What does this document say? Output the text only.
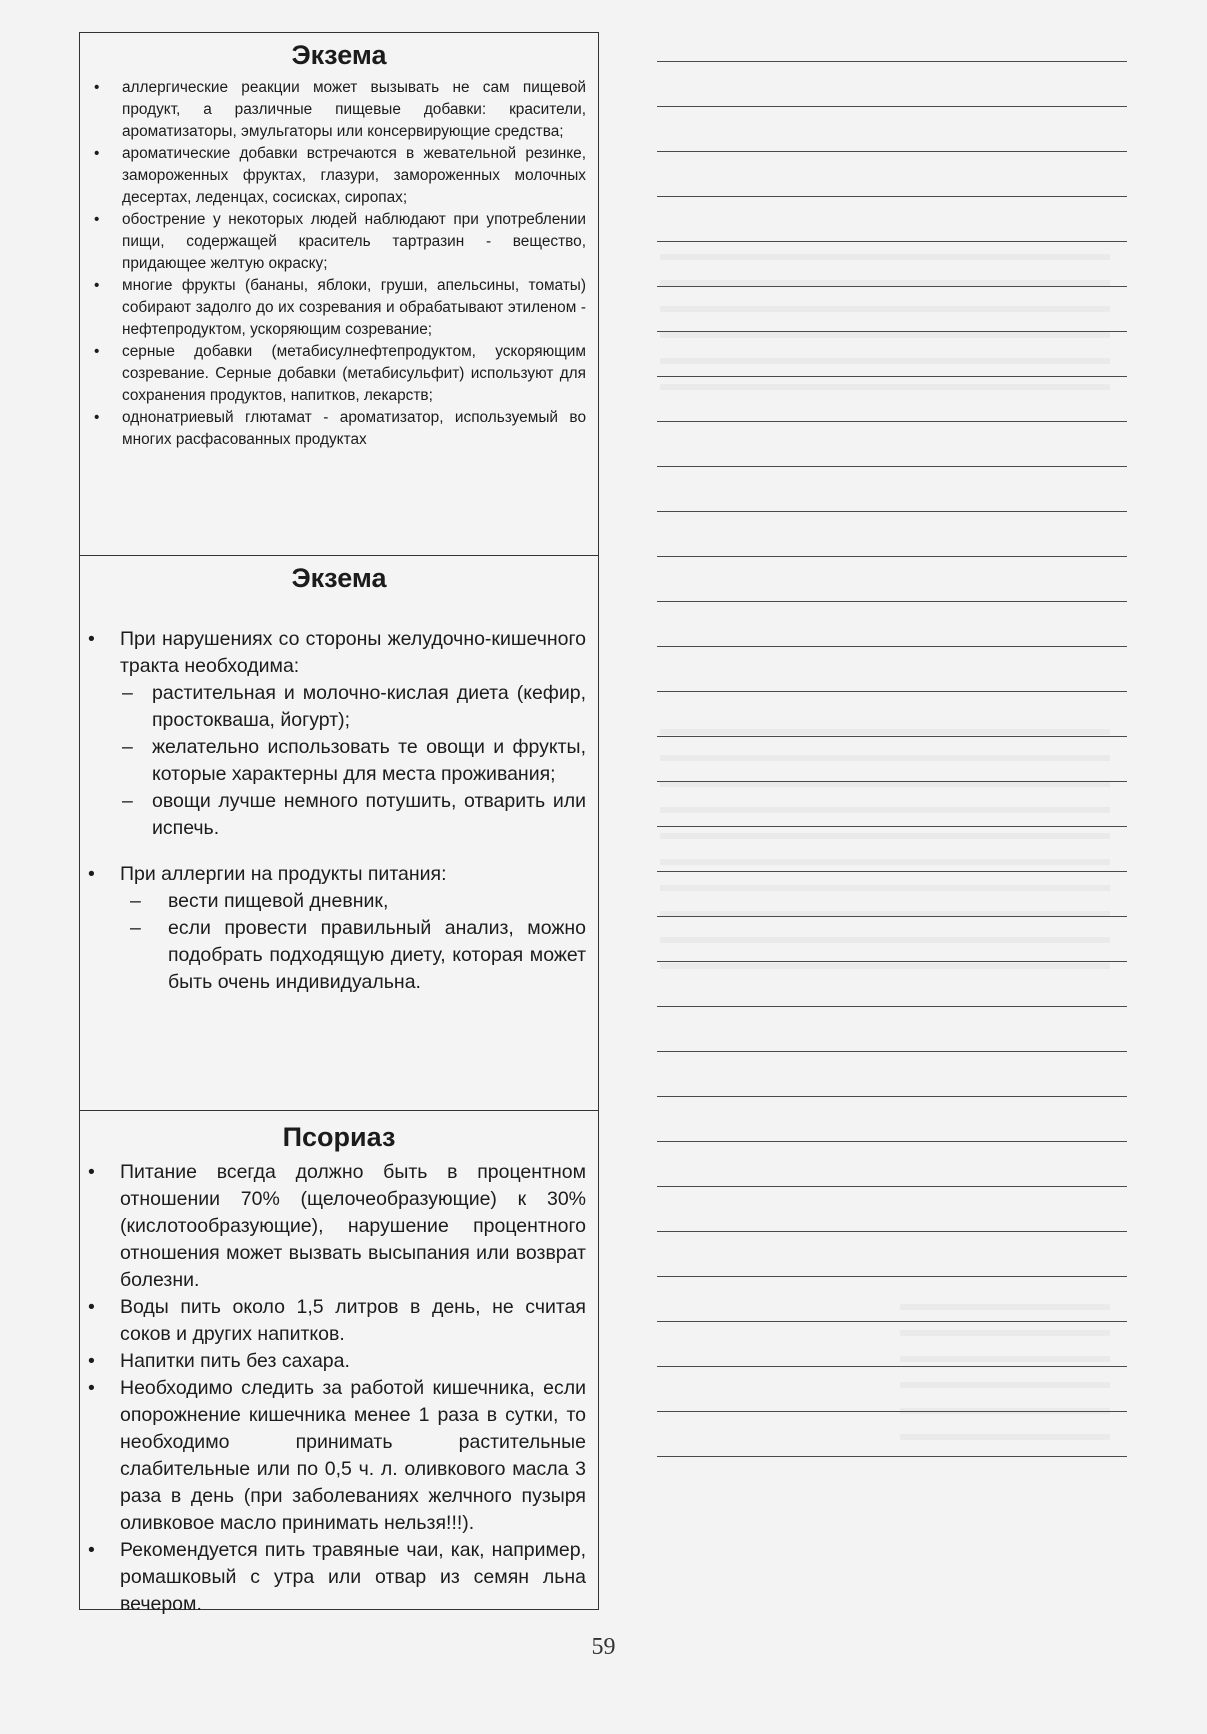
Экзема
• аллергические реакции может вызывать не сам пищевой продукт, а различные пищевые добавки: красители, ароматизаторы, эмульгаторы или консервирующие средства;
• ароматические добавки встречаются в жевательной резинке, замороженных фруктах, глазури, замороженных молочных десертах, леденцах, сосисках, сиропах;
• обострение у некоторых людей наблюдают при употреблении пищи, содержащей краситель тартразин - вещество, придающее желтую окраску;
• многие фрукты (бананы, яблоки, груши, апельсины, томаты) собирают задолго до их созревания и обрабатывают этиленом - нефтепродуктом, ускоряющим созревание;
• серные добавки (метабисулнефтепродуктом, ускоряющим созревание. Серные добавки (метабисульфит) используют для сохранения продуктов, напитков, лекарств;
• однонатриевый глютамат - ароматизатор, используемый во многих расфасованных продуктах
Экзема
• При нарушениях со стороны желудочно-кишечного тракта необходима:
– растительная и молочно-кислая диета (кефир, простокваша, йогурт);
– желательно использовать те овощи и фрукты, которые характерны для места проживания;
– овощи лучше немного потушить, отварить или испечь.
• При аллергии на продукты питания:
– вести пищевой дневник,
– если провести правильный анализ, можно подобрать подходящую диету, которая может быть очень индивидуальна.
Псориаз
• Питание всегда должно быть в процентном отношении 70% (щелочеобразующие) к 30% (кислотообразующие), нарушение процентного отношения может вызвать высыпания или возврат болезни.
• Воды пить около 1,5 литров в день, не считая соков и других напитков.
• Напитки пить без сахара.
• Необходимо следить за работой кишечника, если опорожнение кишечника менее 1 раза в сутки, то необходимо принимать растительные слабительные или по 0,5 ч. л. оливкового масла 3 раза в день (при заболеваниях желчного пузыря оливковое масло принимать нельзя!!!).
• Рекомендуется пить травяные чаи, как, например, ромашковый с утра или отвар из семян льна вечером.
59
